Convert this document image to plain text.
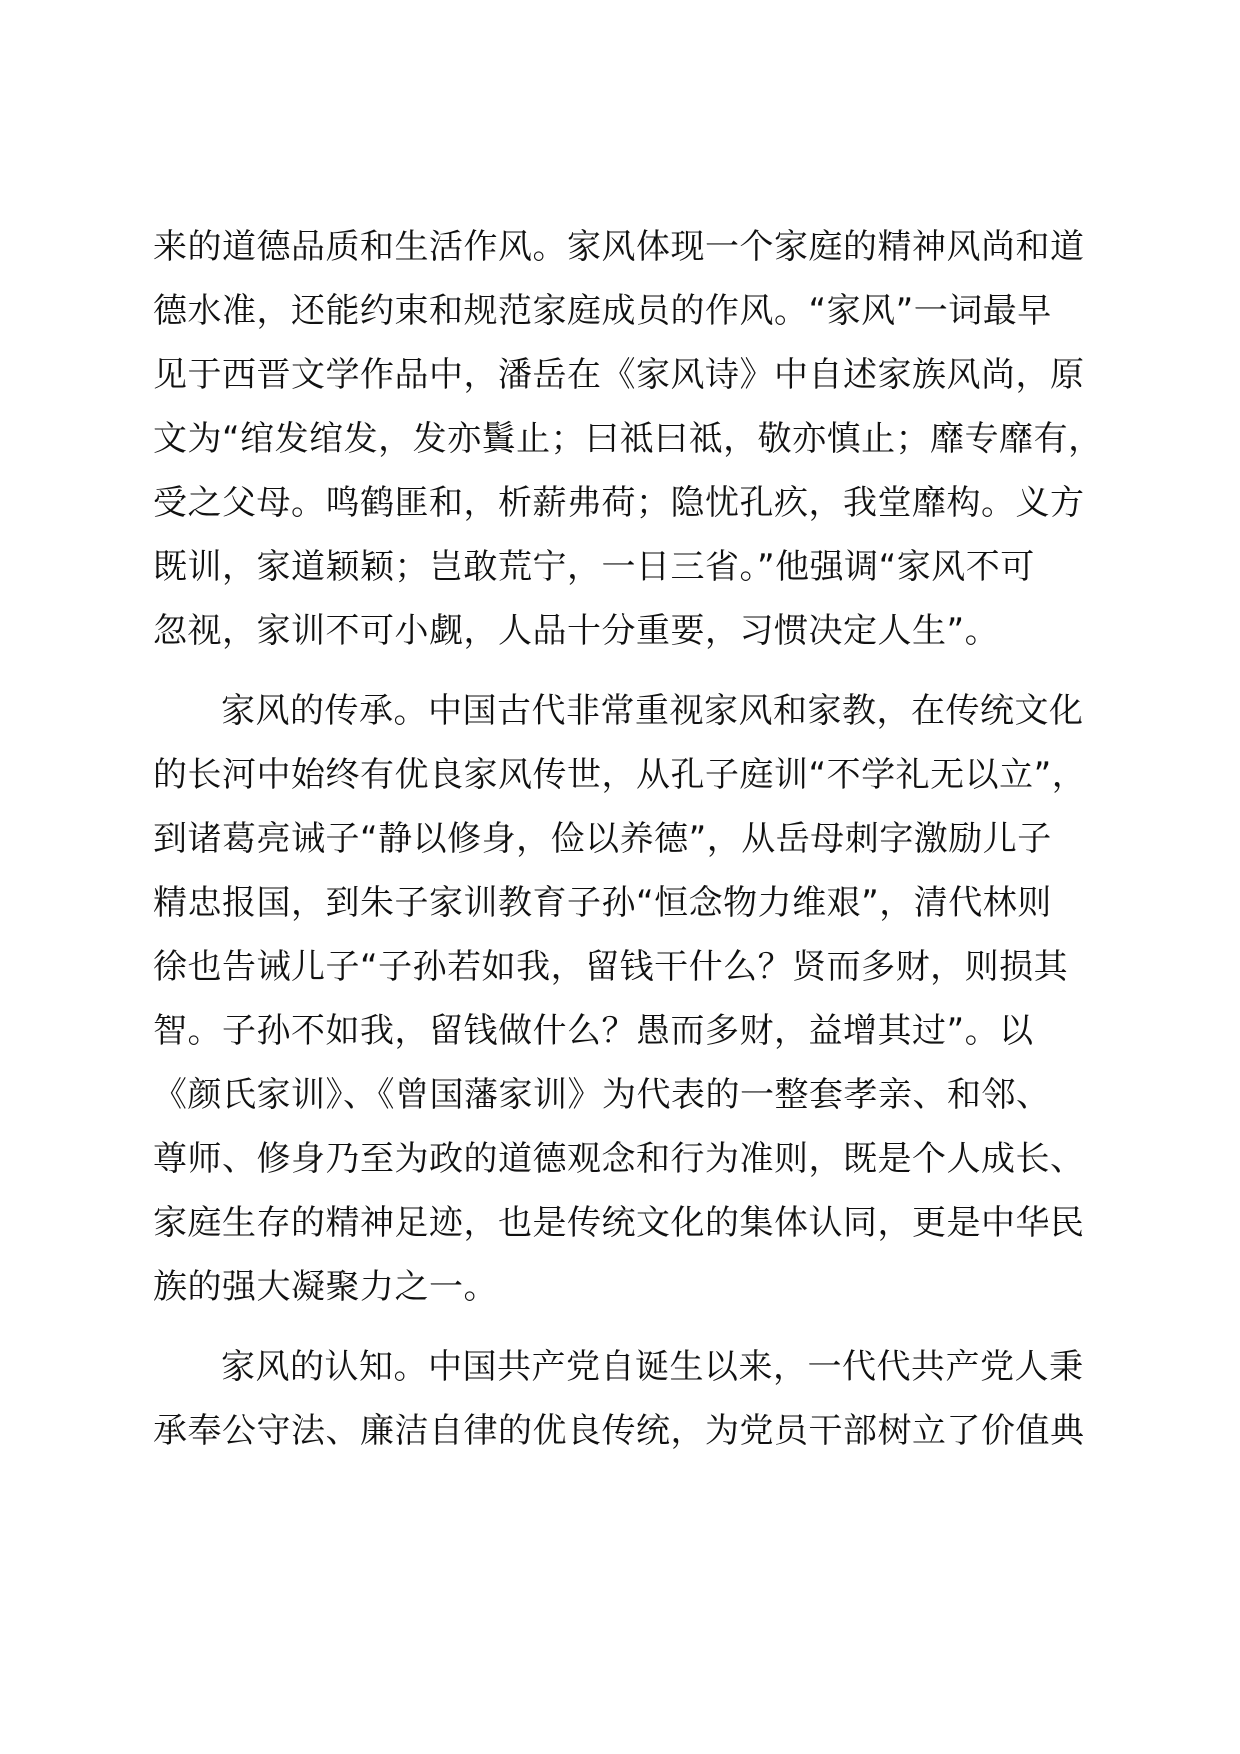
来的道德品质和生活作风。家风体现一个家庭的精神风尚和道
德水准，还能约束和规范家庭成员的作风。“家风”一词最早
见于西晋文学作品中，潘岳在《家风诗》中自述家族风尚，原
文为“绾发绾发，发亦鬒止；曰祗曰祗，敬亦慎止；靡专靡有，
受之父母。鸣鹤匪和，析薪弗荷；隐忧孔疚，我堂靡构。义方
既训，家道颖颖；岂敢荒宁，一日三省。”他强调“家风不可
忽视，家训不可小觑，人品十分重要，习惯决定人生”。
家风的传承。中国古代非常重视家风和家教，在传统文化
的长河中始终有优良家风传世，从孔子庭训“不学礼无以立”，
到诸葛亮诫子“静以修身，俭以养德”，从岳母刺字激励儿子
精忠报国，到朱子家训教育子孙“恒念物力维艰”，清代林则
徐也告诫儿子“子孙若如我，留钱干什么？贤而多财，则损其
智。子孙不如我，留钱做什么？愚而多财，益增其过”。以
《颜氏家训》、《曾国藩家训》为代表的一整套孝亲、和邻、
尊师、修身乃至为政的道德观念和行为准则，既是个人成长、
家庭生存的精神足迹，也是传统文化的集体认同，更是中华民
族的强大凝聚力之一。
家风的认知。中国共产党自诞生以来，一代代共产党人秉
承奉公守法、廉洁自律的优良传统，为党员干部树立了价值典
